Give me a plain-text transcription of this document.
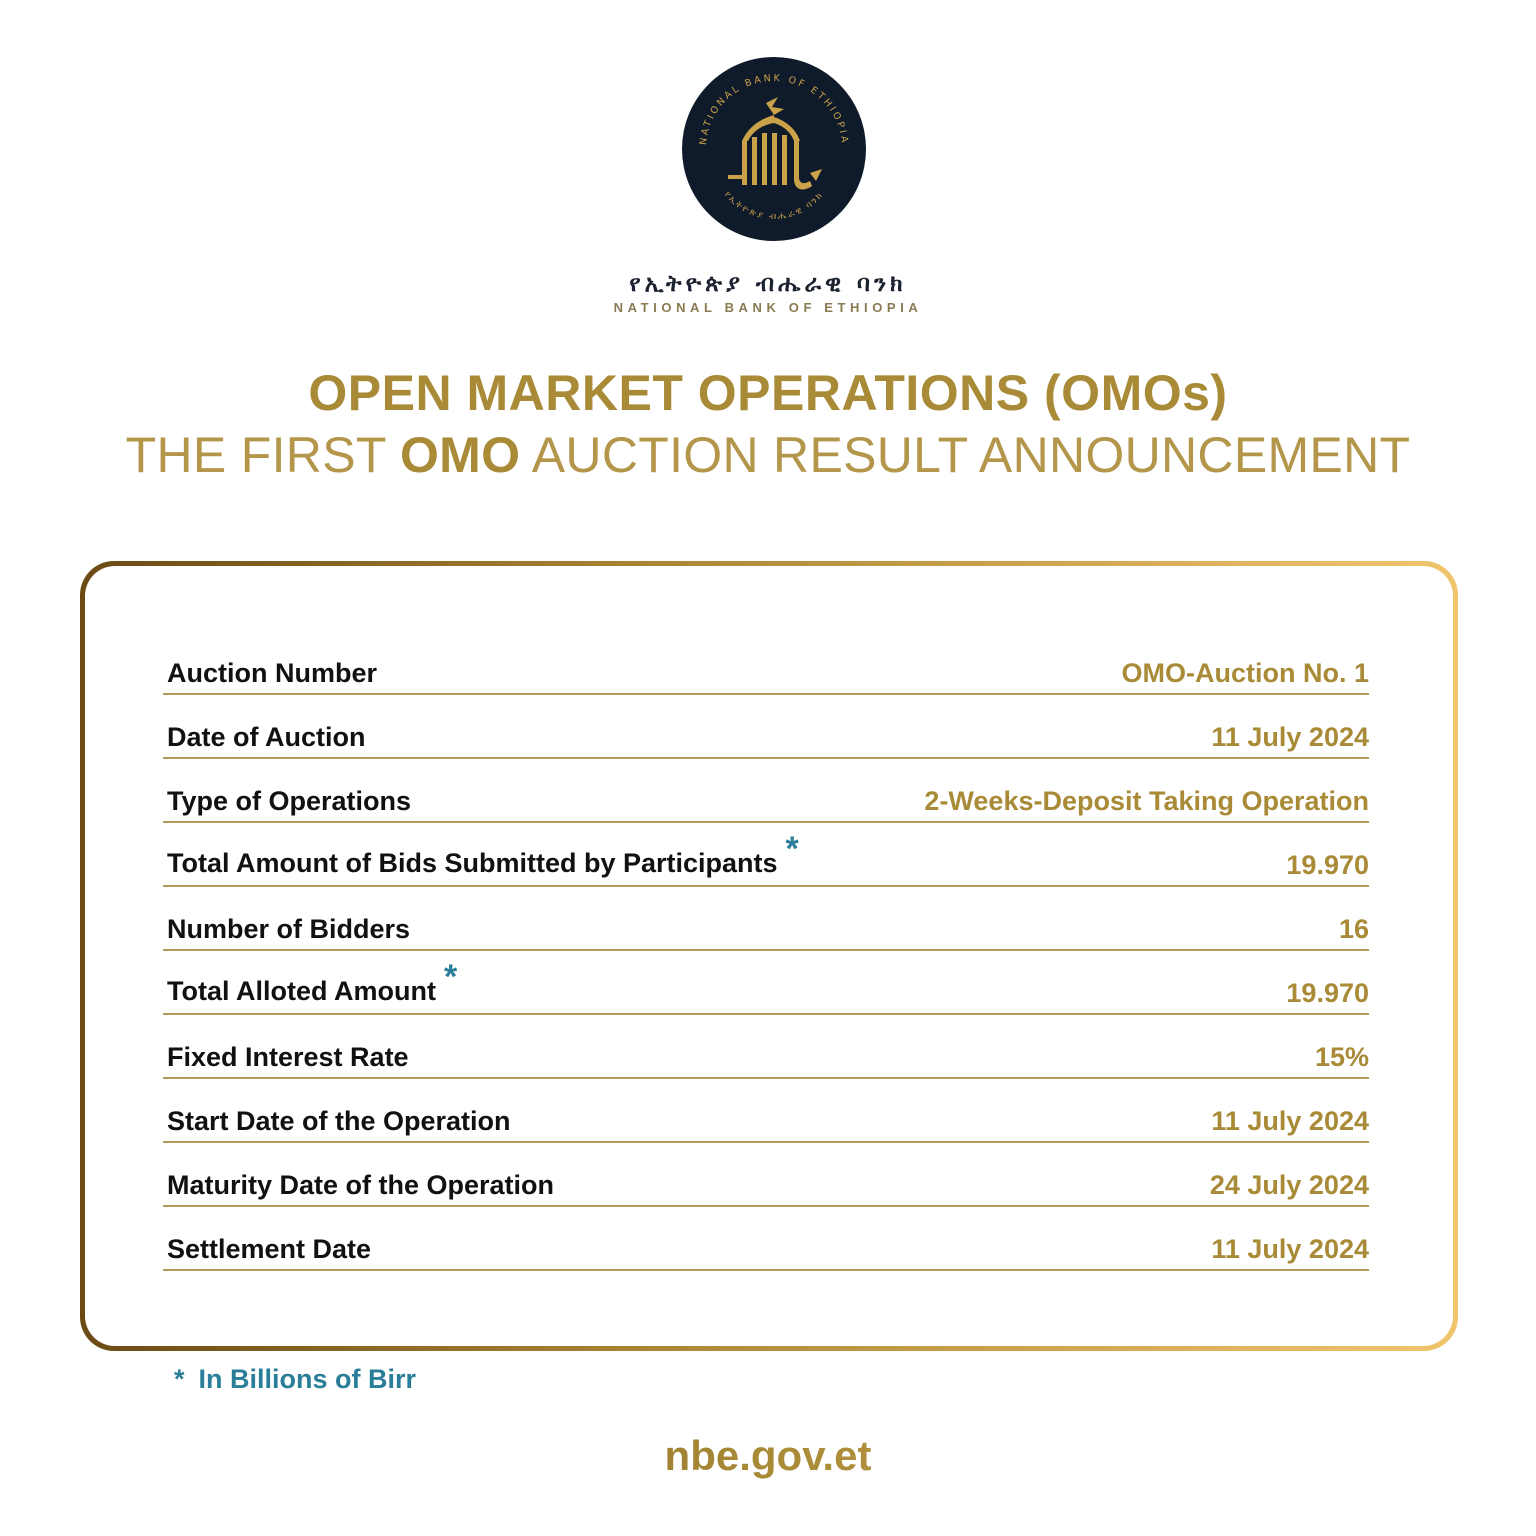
NATIONAL BANK OF ETHIOPIA
የኢትዮጵያ ብሔራዊ ባንክ
የኢትዮጵያ ብሔራዊ ባንክ
NATIONAL BANK OF ETHIOPIA
OPEN MARKET OPERATIONS (OMOs)
THE FIRST OMO AUCTION RESULT ANNOUNCEMENT
Auction Number	OMO-Auction No. 1
Date of Auction	11 July 2024
Type of Operations	2-Weeks-Deposit Taking Operation
Total Amount of Bids Submitted by Participants *	19.970
Number of Bidders	16
Total Alloted Amount *	19.970
Fixed Interest Rate	15%
Start Date of the Operation	11 July 2024
Maturity Date of the Operation	24 July 2024
Settlement Date	11 July 2024
* In Billions of Birr
nbe.gov.et
